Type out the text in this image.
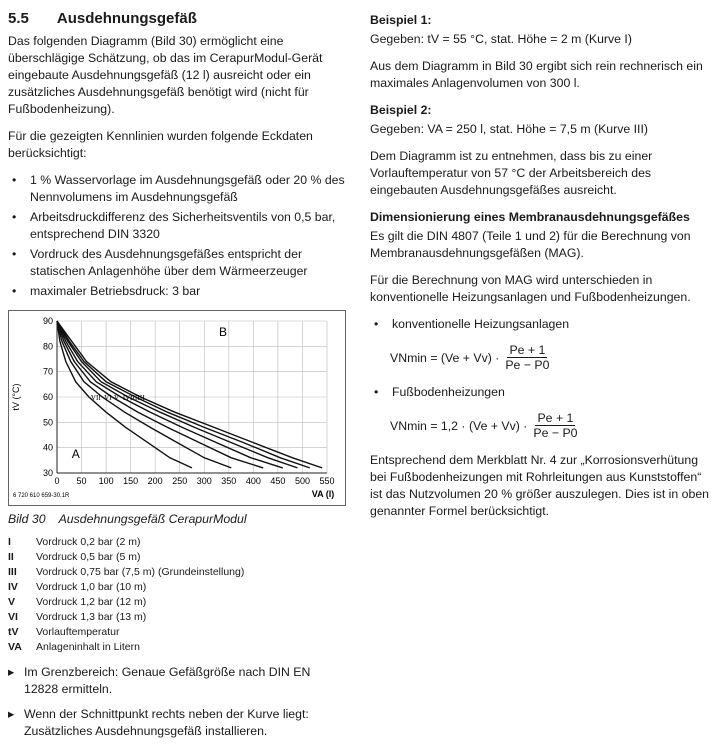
5.5 Ausdehnungsgefäß

Das folgenden Diagramm (Bild 30) ermöglicht eine überschlägige Schätzung, ob das im CerapurModul-Gerät eingebaute Ausdehnungsgefäß (12 l) ausreicht oder ein zusätzliches Ausdehnungsgefäß benötigt wird (nicht für Fußbodenheizung).

Für die gezeigten Kennlinien wurden folgende Eckdaten berücksichtigt:

• 1 % Wasservorlage im Ausdehnungsgefäß oder 20 % des Nennvolumens im Ausdehnungsgefäß
• Arbeitsdruckdifferenz des Sicherheitsventils von 0,5 bar, entsprechend DIN 3320
• Vordruck des Ausdehnungsgefäßes entspricht der statischen Anlagenhöhe über dem Wärmeerzeuger
• maximaler Betriebsdruck: 3 bar
0 50 100 150 200 250 300 350 400 450 500 550
30
40
50
60
70
80
90
tV (°C)
VA (l)
6 720 610 659-30.1R
A
B
I
II
III
IV
V
VI
VII
Bild 30 Ausdehnungsgefäß CerapurModul
I	Vordruck 0,2 bar (2 m)
II	Vordruck 0,5 bar (5 m)
III	Vordruck 0,75 bar (7,5 m) (Grundeinstellung)
IV	Vordruck 1,0 bar (10 m)
V	Vordruck 1,2 bar (12 m)
VI	Vordruck 1,3 bar (13 m)
tV	Vorlauftemperatur
VA	Anlageninhalt in Litern
▸ Im Grenzbereich: Genaue Gefäßgröße nach DIN EN 12828 ermitteln.
▸ Wenn der Schnittpunkt rechts neben der Kurve liegt: Zusätzliches Ausdehnungsgefäß installieren.
Beispiel 1:

Gegeben: tV = 55 °C, stat. Höhe = 2 m (Kurve I)

Aus dem Diagramm in Bild 30 ergibt sich rein rechnerisch ein maximales Anlagenvolumen von 300 l.

Beispiel 2:

Gegeben: VA = 250 l, stat. Höhe = 7,5 m (Kurve III)

Dem Diagramm ist zu entnehmen, dass bis zu einer Vorlauftemperatur von 57 °C der Arbeitsbereich des eingebauten Ausdehnungsgefäßes ausreicht.

Dimensionierung eines Membranausdehnungsgefäßes

Es gilt die DIN 4807 (Teile 1 und 2) für die Berechnung von Membranausdehnungsgefäßen (MAG).

Für die Berechnung von MAG wird unterschieden in konventionelle Heizungsanlagen und Fußbodenheizungen.

• konventionelle Heizungsanlagen
VNmin
= $(Ve + Vv) \cdot \frac{Pe + 1}{Pe - P0}$
• Fußbodenheizungen
VNmin
= $1,2 \cdot (Ve + Vv) \cdot \frac{Pe + 1}{Pe - P0}$

Entsprechend dem Merkblatt Nr. 4 zur „Korrosionsverhütung bei Fußbodenheizungen mit Rohrleitungen aus Kunststoffen“ ist das Nutzvolumen 20 % größer auszulegen. Dies ist in oben genannter Formel berücksichtigt.
